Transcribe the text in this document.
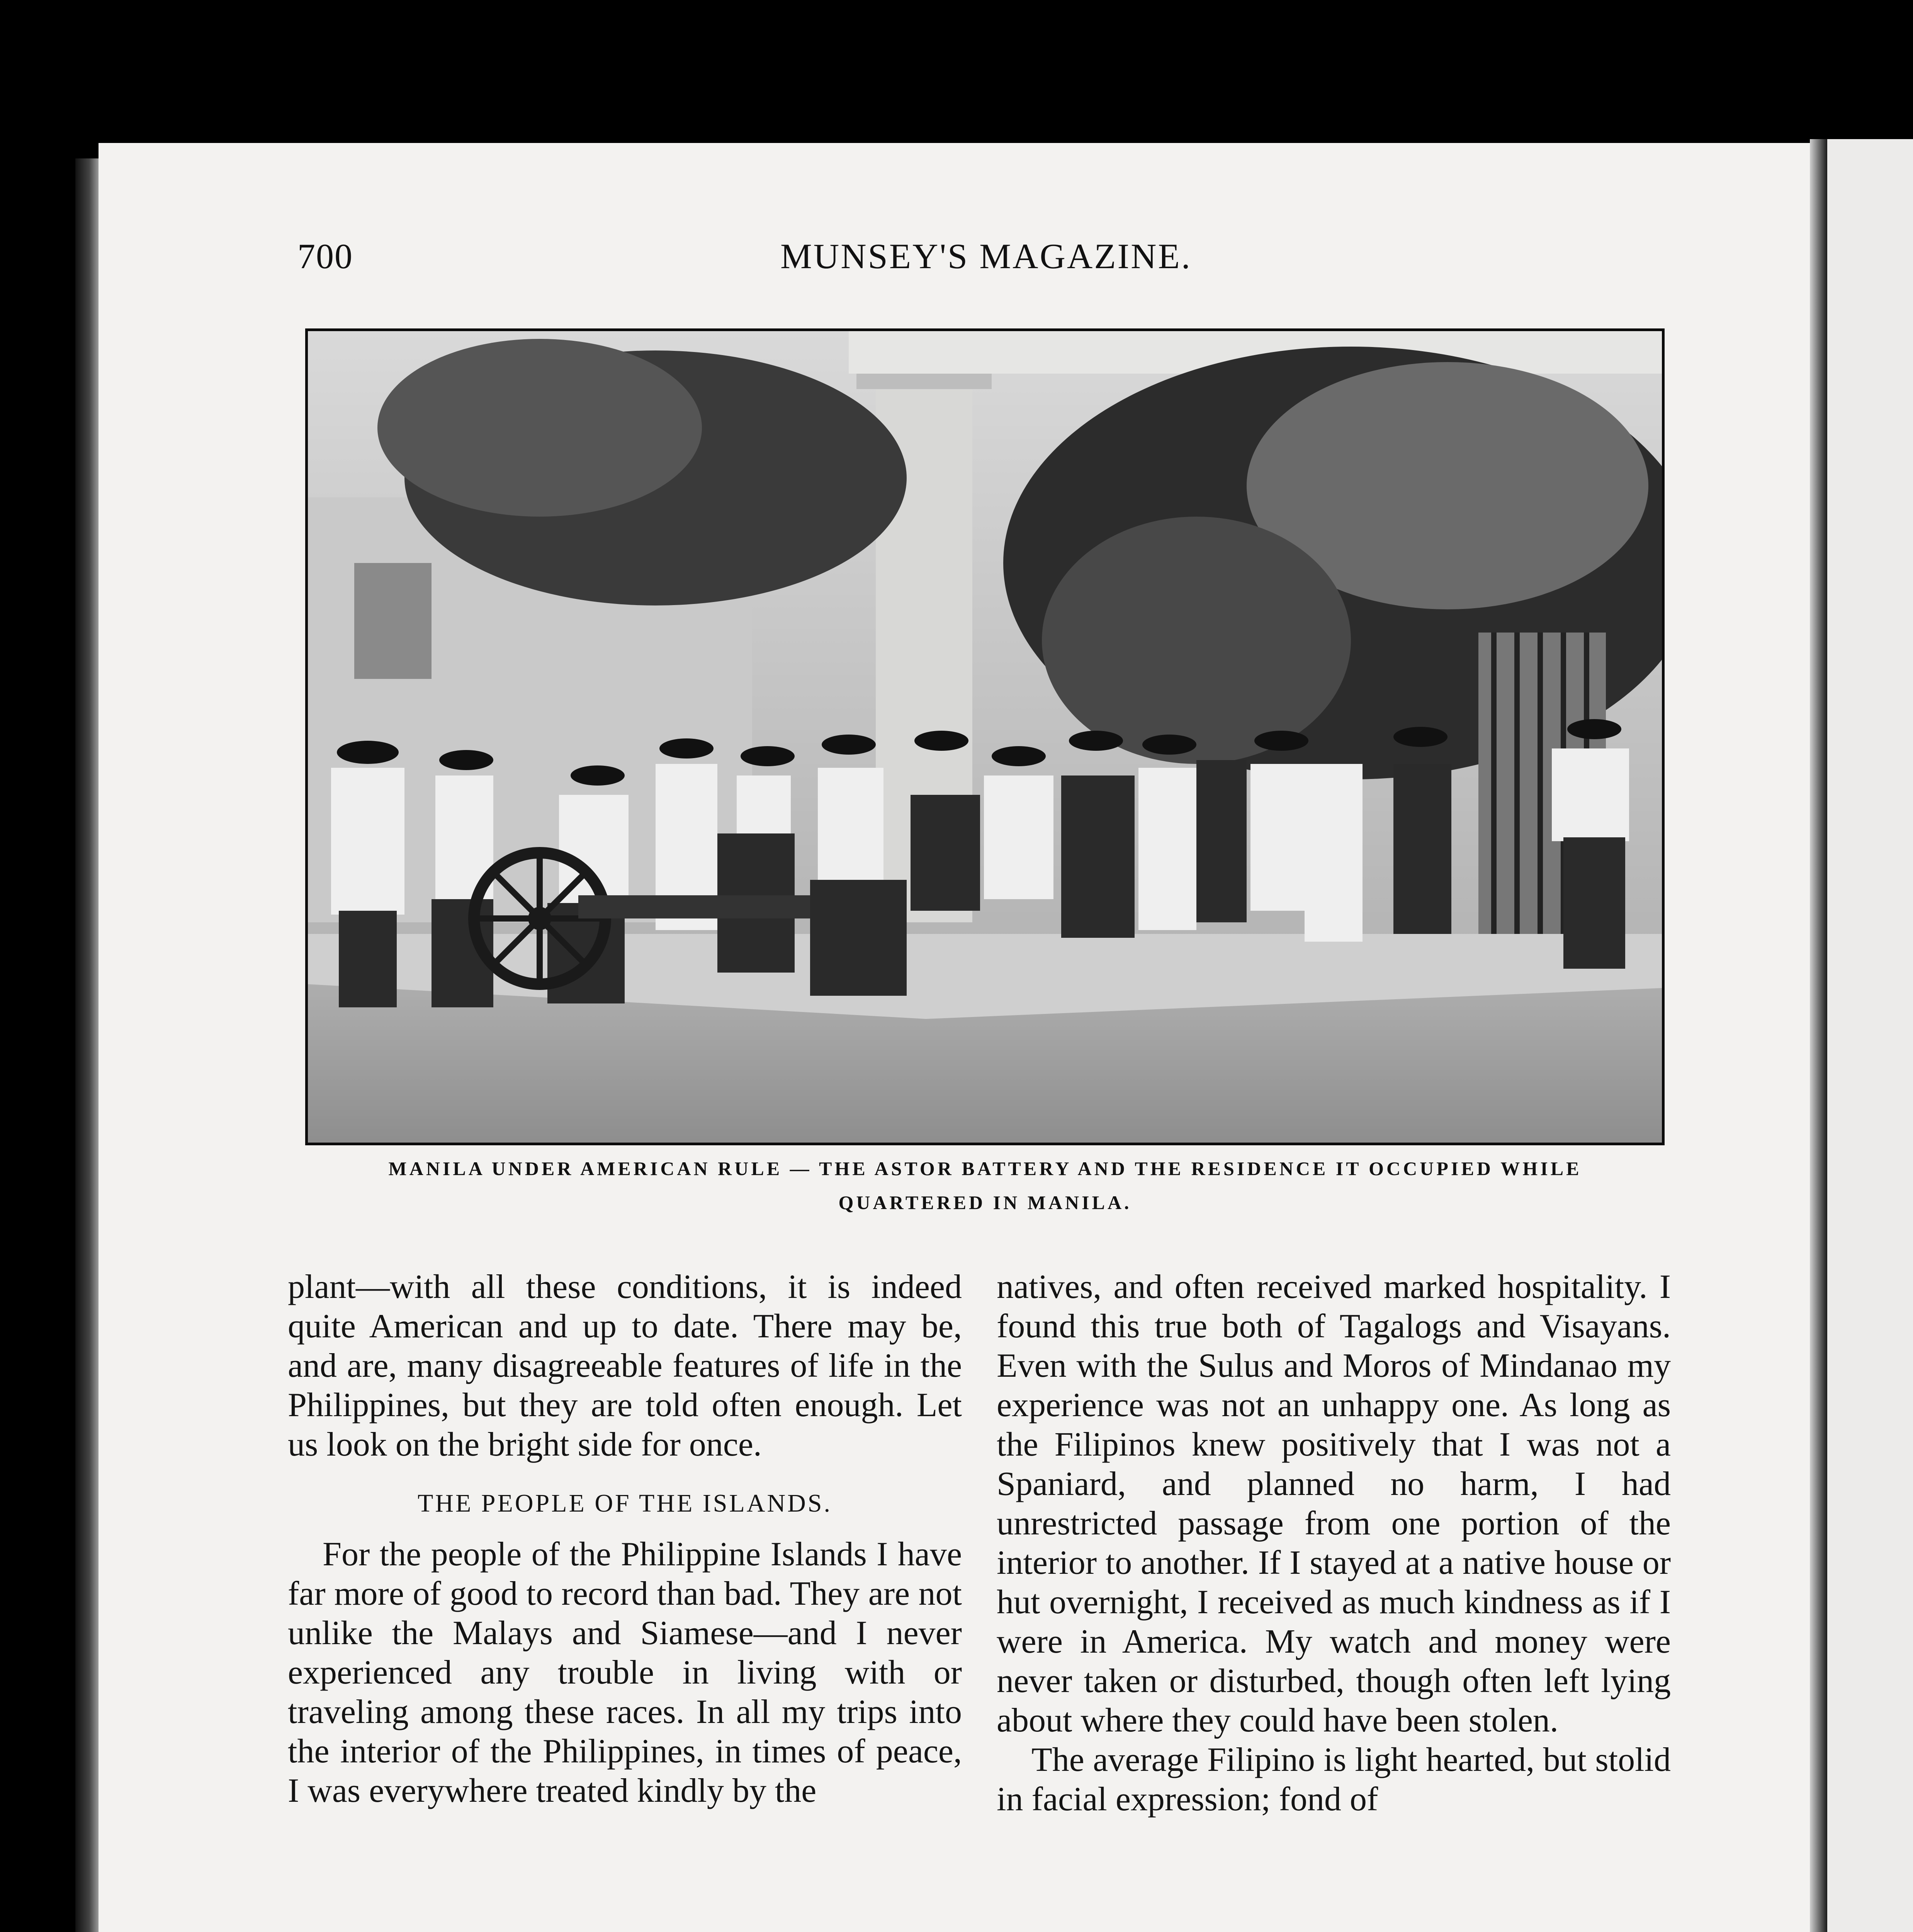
700	MUNSEY'S MAGAZINE.
MANILA UNDER AMERICAN RULE — THE ASTOR BATTERY AND THE RESIDENCE IT OCCUPIED WHILE
QUARTERED IN MANILA.

plant—with all these conditions, it is indeed quite American and up to date. There may be, and are, many disagreeable features of life in the Philippines, but they are told often enough. Let us look on the bright side for once.

THE PEOPLE OF THE ISLANDS.

For the people of the Philippine Islands I have far more of good to record than bad. They are not unlike the Malays and Siamese—and I never experienced any trouble in living with or traveling among these races. In all my trips into the interior of the Philippines, in times of peace, I was everywhere treated kindly by the

natives, and often received marked hospitality. I found this true both of Tagalogs and Visayans. Even with the Sulus and Moros of Mindanao my experience was not an unhappy one. As long as the Filipinos knew positively that I was not a Spaniard, and planned no harm, I had unrestricted passage from one portion of the interior to another. If I stayed at a native house or hut overnight, I received as much kindness as if I were in America. My watch and money were never taken or disturbed, though often left lying about where they could have been stolen.

The average Filipino is light hearted, but stolid in facial expression; fond of
